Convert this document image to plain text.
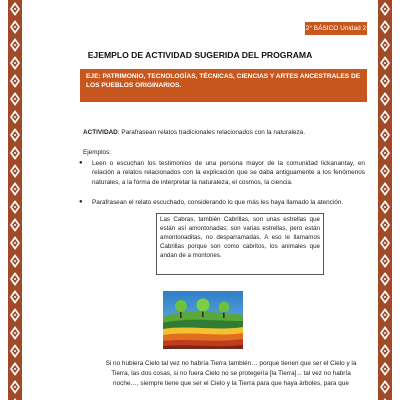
2° BÁSICO Unidad 2
EJEMPLO DE ACTIVIDAD SUGERIDA DEL PROGRAMA
EJE: PATRIMONIO, TECNOLOGÍAS, TÉCNICAS, CIENCIAS Y ARTES ANCESTRALES DE LOS PUEBLOS ORIGINARIOS.
ACTIVIDAD: Parafrasean relatos tradicionales relacionados con la naturaleza.
Ejemplos:
● Leen o escuchan los testimonios de una persona mayor de la comunidad lickanantay, en relación a relatos relacionados con la explicación que se daba antiguamente a los fenómenos naturales, a la forma de interpretar la naturaleza, el cosmos, la ciencia.
● Parafrasean el relato escuchado, considerando lo que más les haya llamado la atención.
Las Cabras, también Cabrillas, son unas estrellas que están así amontonadas; son varias estrellas, pero están amontonaditas, no desparramadas. A eso le llamamos Cabrillas porque son como cabritos, los animales que andan de a montones.
Si no hubiera Cielo tal vez no habría Tierra también… porque tienen que ser el Cielo y la Tierra, las dos cosas, si no fuera Cielo no se protegería [la Tierra]... tal vez no habría noche…, siempre tiene que ser el Cielo y la Tierra para que haya árboles, para que
